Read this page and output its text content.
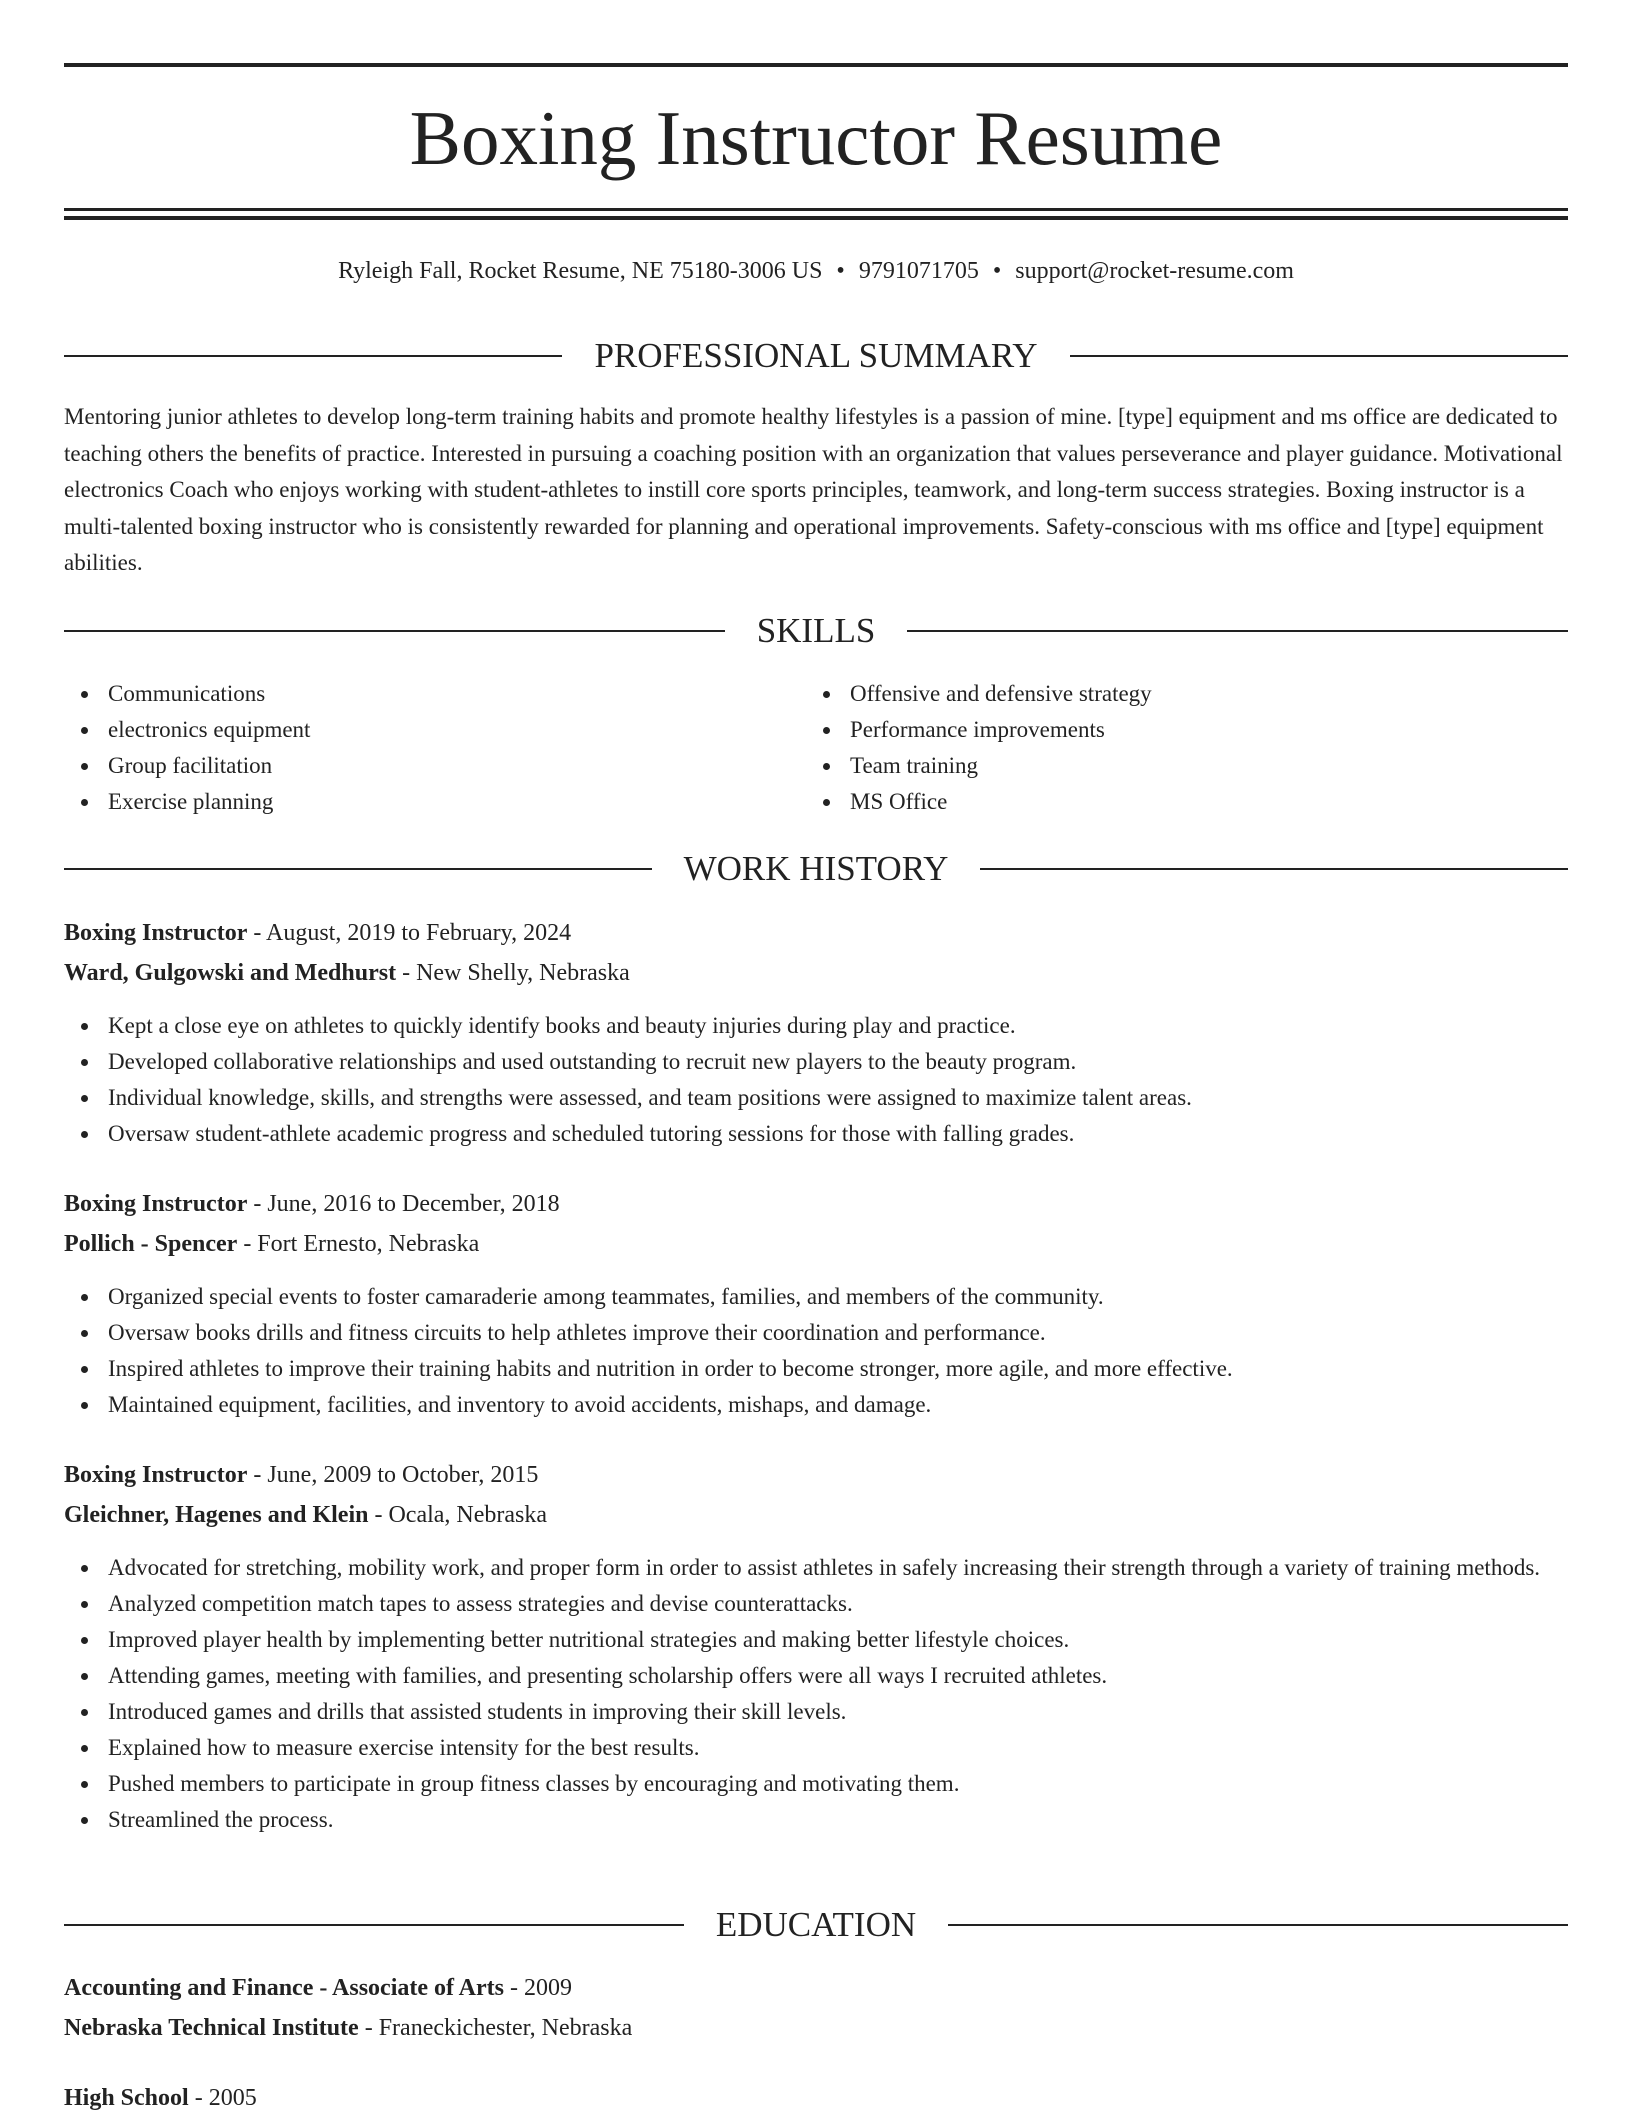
Boxing Instructor Resume
Ryleigh Fall, Rocket Resume, NE 75180-3006 US • 9791071705 • support@rocket-resume.com
PROFESSIONAL SUMMARY

Mentoring junior athletes to develop long-term training habits and promote healthy lifestyles is a passion of mine. [type] equipment and ms office are dedicated to teaching others the benefits of practice. Interested in pursuing a coaching position with an organization that values perseverance and player guidance. Motivational electronics Coach who enjoys working with student-athletes to instill core sports principles, teamwork, and long-term success strategies. Boxing instructor is a multi-talented boxing instructor who is consistently rewarded for planning and operational improvements. Safety-conscious with ms office and [type] equipment abilities.

SKILLS
Communications
electronics equipment
Group facilitation
Exercise planning
Offensive and defensive strategy
Performance improvements
Team training
MS Office
WORK HISTORY
Boxing Instructor - August, 2019 to February, 2024
Ward, Gulgowski and Medhurst - New Shelly, Nebraska
Kept a close eye on athletes to quickly identify books and beauty injuries during play and practice.
Developed collaborative relationships and used outstanding to recruit new players to the beauty program.
Individual knowledge, skills, and strengths were assessed, and team positions were assigned to maximize talent areas.
Oversaw student-athlete academic progress and scheduled tutoring sessions for those with falling grades.
Boxing Instructor - June, 2016 to December, 2018
Pollich - Spencer - Fort Ernesto, Nebraska
Organized special events to foster camaraderie among teammates, families, and members of the community.
Oversaw books drills and fitness circuits to help athletes improve their coordination and performance.
Inspired athletes to improve their training habits and nutrition in order to become stronger, more agile, and more effective.
Maintained equipment, facilities, and inventory to avoid accidents, mishaps, and damage.
Boxing Instructor - June, 2009 to October, 2015
Gleichner, Hagenes and Klein - Ocala, Nebraska
Advocated for stretching, mobility work, and proper form in order to assist athletes in safely increasing their strength through a variety of training methods.
Analyzed competition match tapes to assess strategies and devise counterattacks.
Improved player health by implementing better nutritional strategies and making better lifestyle choices.
Attending games, meeting with families, and presenting scholarship offers were all ways I recruited athletes.
Introduced games and drills that assisted students in improving their skill levels.
Explained how to measure exercise intensity for the best results.
Pushed members to participate in group fitness classes by encouraging and motivating them.
Streamlined the process.
EDUCATION
Accounting and Finance - Associate of Arts - 2009
Nebraska Technical Institute - Franeckichester, Nebraska
High School - 2005
